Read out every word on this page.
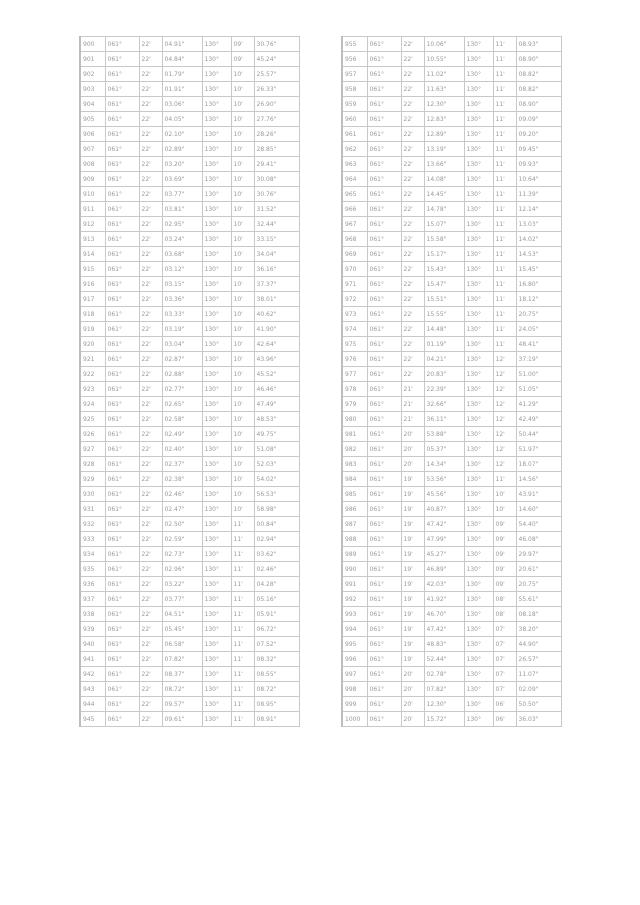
900	061°	22'	04.91"	130°	09'	30.76"
901	061°	22'	04.84"	130°	09'	45.24"
902	061°	22'	01.79"	130°	10'	25.57"
903	061°	22'	01.91"	130°	10'	26.33"
904	061°	22'	03.06"	130°	10'	26.90"
905	061°	22'	04.05"	130°	10'	27.76"
906	061°	22'	02.10"	130°	10'	28.26"
907	061°	22'	02.89"	130°	10'	28.85"
908	061°	22'	03.20"	130°	10'	29.41"
909	061°	22'	03.69"	130°	10'	30.08"
910	061°	22'	03.77"	130°	10'	30.76"
911	061°	22'	03.81"	130°	10'	31.52"
912	061°	22'	02.95"	130°	10'	32.44"
913	061°	22'	03.24"	130°	10'	33.15"
914	061°	22'	03.68"	130°	10'	34.04"
915	061°	22'	03.12"	130°	10'	36.16"
916	061°	22'	03.15"	130°	10'	37.37"
917	061°	22'	03.36"	130°	10'	38.01"
918	061°	22'	03.33"	130°	10'	40.62"
919	061°	22'	03.19"	130°	10'	41.90"
920	061°	22'	03.04"	130°	10'	42.64"
921	061°	22'	02.87"	130°	10'	43.96"
922	061°	22'	02.88"	130°	10'	45.52"
923	061°	22'	02.77"	130°	10'	46.46"
924	061°	22'	02.65"	130°	10'	47.49"
925	061°	22'	02.58"	130°	10'	48.53"
926	061°	22'	02.49"	130°	10'	49.75"
927	061°	22'	02.40"	130°	10'	51.08"
928	061°	22'	02.37"	130°	10'	52.03"
929	061°	22'	02.38"	130°	10'	54.02"
930	061°	22'	02.46"	130°	10'	56.53"
931	061°	22'	02.47"	130°	10'	58.98"
932	061°	22'	02.50"	130°	11'	00.84"
933	061°	22'	02.59"	130°	11'	02.94"
934	061°	22'	02.73"	130°	11'	03.62"
935	061°	22'	02.96"	130°	11'	02.46"
936	061°	22'	03.22"	130°	11'	04.28"
937	061°	22'	03.77"	130°	11'	05.16"
938	061°	22'	04.51"	130°	11'	05.91"
939	061°	22'	05.45"	130°	11'	06.72"
940	061°	22'	06.58"	130°	11'	07.52"
941	061°	22'	07.82"	130°	11'	08.32"
942	061°	22'	08.37"	130°	11'	08.55"
943	061°	22'	08.72"	130°	11'	08.72"
944	061°	22'	09.57"	130°	11'	08.95"
945	061°	22'	09.61"	130°	11'	08.91"
955	061°	22'	10.06"	130°	11'	08.93"
956	061°	22'	10.55"	130°	11'	08.90"
957	061°	22'	11.02"	130°	11'	08.82"
958	061°	22'	11.63"	130°	11'	08.82"
959	061°	22'	12.30"	130°	11'	08.90"
960	061°	22'	12.83"	130°	11'	09.09"
961	061°	22'	12.89"	130°	11'	09.20"
962	061°	22'	13.19"	130°	11'	09.45"
963	061°	22'	13.66"	130°	11'	09.93"
964	061°	22'	14.08"	130°	11'	10.64"
965	061°	22'	14.45"	130°	11'	11.39"
966	061°	22'	14.78"	130°	11'	12.14"
967	061°	22'	15.07"	130°	11'	13.03"
968	061°	22'	15.58"	130°	11'	14.02"
969	061°	22'	15.17"	130°	11'	14.53"
970	061°	22'	15.43"	130°	11'	15.45"
971	061°	22'	15.47"	130°	11'	16.80"
972	061°	22'	15.51"	130°	11'	18.12"
973	061°	22'	15.55"	130°	11'	20.75"
974	061°	22'	14.48"	130°	11'	24.05"
975	061°	22'	01.19"	130°	11'	48.41"
976	061°	22'	04.21"	130°	12'	37.19"
977	061°	22'	20.83"	130°	12'	51.00"
978	061°	21'	22.39"	130°	12'	51.05"
979	061°	21'	32.66"	130°	12'	41.29"
980	061°	21'	36.11"	130°	12'	42.49"
981	061°	20'	53.88"	130°	12'	50.44"
982	061°	20'	05.37"	130°	12'	51.97"
983	061°	20'	14.34"	130°	12'	18.07"
984	061°	19'	53.56"	130°	11'	14.56"
985	061°	19'	45.56"	130°	10'	43.91"
986	061°	19'	40.87"	130°	10'	14.60"
987	061°	19'	47.42"	130°	09'	54.40"
988	061°	19'	47.99"	130°	09'	46.08"
989	061°	19'	45.27"	130°	09'	29.97"
990	061°	19'	46.89"	130°	09'	20.61"
991	061°	19'	42.03"	130°	09'	20.75"
992	061°	19'	41.92"	130°	08'	55.61"
993	061°	19'	46.70"	130°	08'	08.18"
994	061°	19'	47.42"	130°	07'	38.20"
995	061°	19'	48.83"	130°	07'	44.90"
996	061°	19'	52.44"	130°	07'	26.57"
997	061°	20'	02.78"	130°	07'	11.07"
998	061°	20'	07.82"	130°	07'	02.09"
999	061°	20'	12.30"	130°	06'	50.50"
1000	061°	20'	15.72"	130°	06'	36.03"
